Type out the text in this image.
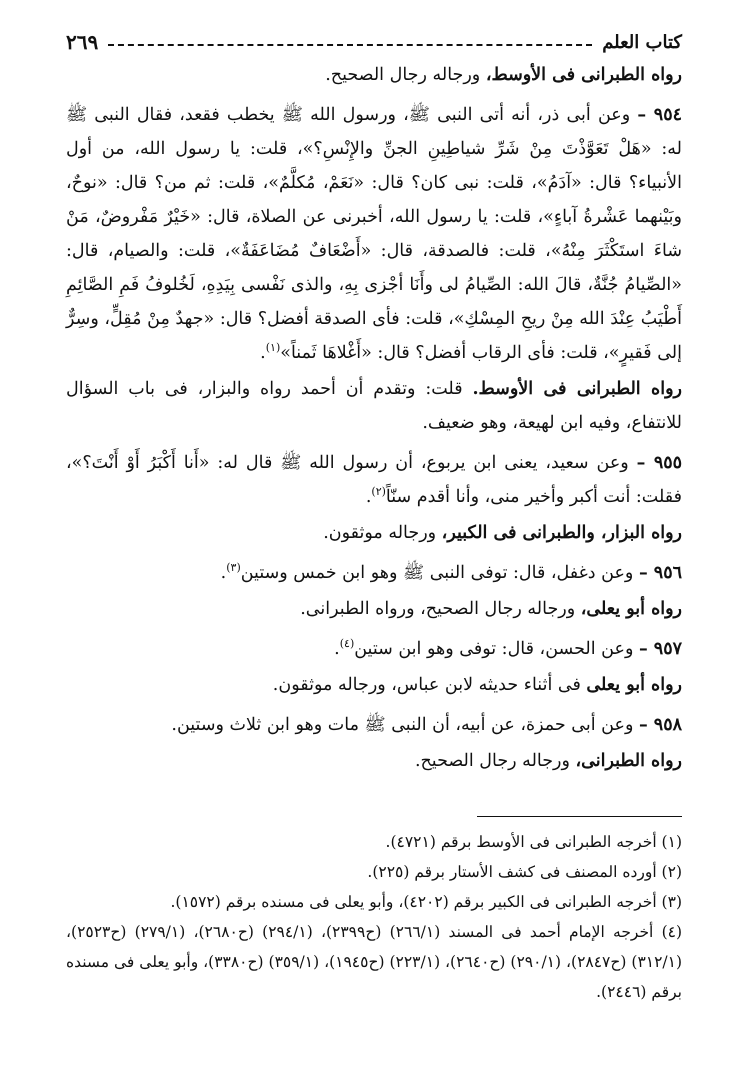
كتاب العلم
٢٦٩

رواه الطبرانى فى الأوسط، ورجاله رجال الصحيح.

٩٥٤ – وعن أبى ذر، أنه أتى النبى ﷺ، ورسول الله ﷺ يخطب فقعد، فقال النبى ﷺ له: «هَلْ تَعَوَّذْتَ مِنْ شَرِّ شياطِينِ الجنِّ والإِنْسِ؟»، قلت: يا رسول الله، من أول الأنبياء؟ قال: «آدَمُ»، قلت: نبى كان؟ قال: «نَعَمْ، مُكلَّمٌ»، قلت: ثم من؟ قال: «نوحٌ، وبَيْنهما عَشْرةُ آباءٍ»، قلت: يا رسول الله، أخبرنى عن الصلاة، قال: «خَيْرٌ مَفْروضٌ، مَنْ شاءَ استَكْثَرَ مِنْهُ»، قلت: فالصدقة، قال: «أَضْعَافٌ مُضَاعَفَةٌ»، قلت: والصيام، قال: «الصِّيامُ جُنَّةٌ، قالَ الله: الصِّيامُ لى وأَنَا أجْزى بِهِ، والذى نَفْسى بِيَدِهِ، لَخُلوفُ فَمِ الصَّائِمِ أَطْيَبُ عِنْدَ الله مِنْ ريحِ المِسْكِ»، قلت: فأى الصدقة أفضل؟ قال: «جهدٌ مِنْ مُقِلٍّ، وسِرٌّ إلى فَقيرٍ»، قلت: فأى الرقاب أفضل؟ قال: «أَغْلاهَا ثَمناً»$^{(١)}$.

رواه الطبرانى فى الأوسط. قلت: وتقدم أن أحمد رواه والبزار، فى باب السؤال للانتفاع، وفيه ابن لهيعة، وهو ضعيف.

٩٥٥ – وعن سعيد، يعنى ابن يربوع، أن رسول الله ﷺ قال له: «أَنا أَكْبَرُ أَوْ أَنْتَ؟»، فقلت: أنت أكبر وأخير منى، وأنا أقدم سنّاً$^{(٢)}$.

رواه البزار، والطبرانى فى الكبير، ورجاله موثقون.

٩٥٦ – وعن دغفل، قال: توفى النبى ﷺ وهو ابن خمس وستين$^{(٣)}$.

رواه أبو يعلى، ورجاله رجال الصحيح، ورواه الطبرانى.

٩٥٧ – وعن الحسن، قال: توفى وهو ابن ستين$^{(٤)}$.

رواه أبو يعلى فى أثناء حديثه لابن عباس، ورجاله موثقون.

٩٥٨ – وعن أبى حمزة، عن أبيه، أن النبى ﷺ مات وهو ابن ثلاث وستين.

رواه الطبرانى، ورجاله رجال الصحيح.

(١) أخرجه الطبرانى فى الأوسط برقم (٤٧٢١).

(٢) أورده المصنف فى كشف الأستار برقم (٢٢٥).

(٣) أخرجه الطبرانى فى الكبير برقم (٤٢٠٢)، وأبو يعلى فى مسنده برقم (١٥٧٢).

(٤) أخرجه الإمام أحمد فى المسند (٢٦٦/١) (ح٢٣٩٩)، (٢٩٤/١) (ح٢٦٨٠)، (٢٧٩/١) (ح٢٥٢٣)، (٣١٢/١) (ح٢٨٤٧)، (٢٩٠/١) (ح٢٦٤٠)، (٢٢٣/١) (ح١٩٤٥)، (٣٥٩/١) (ح٣٣٨٠)، وأبو يعلى فى مسنده برقم (٢٤٤٦).
